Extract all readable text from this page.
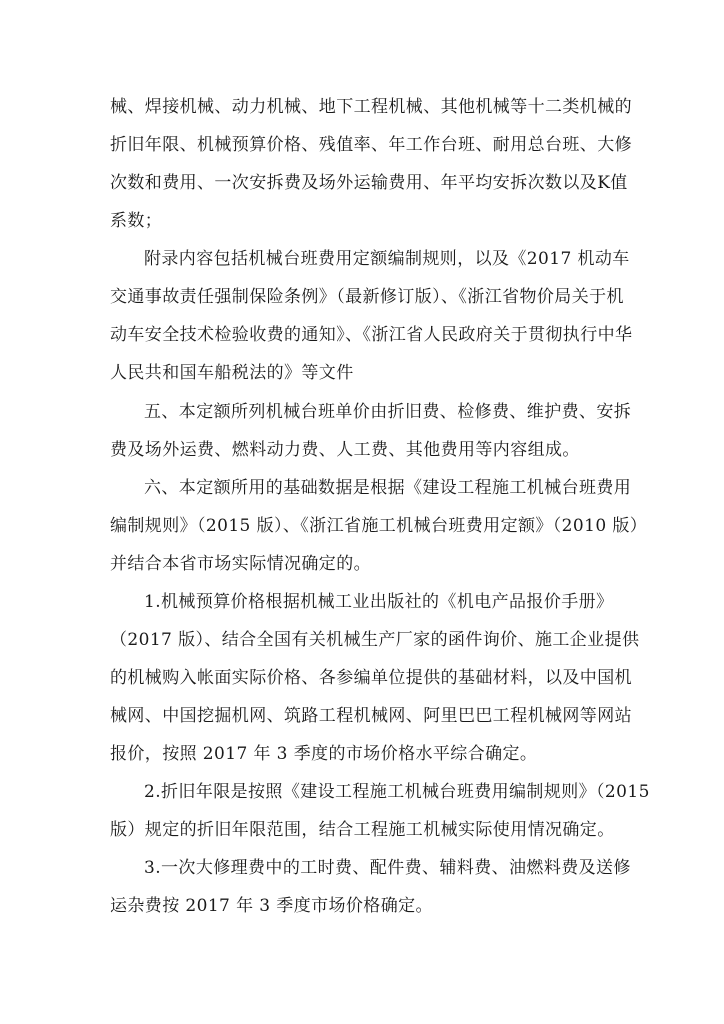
械、焊接机械、动力机械、地下工程机械、其他机械等十二类机械的

折旧年限、机械预算价格、残值率、年工作台班、耐用总台班、大修

次数和费用、一次安拆费及场外运输费用、年平均安拆次数以及K值

系数；

附录内容包括机械台班费用定额编制规则，以及《2017 机动车

交通事故责任强制保险条例》（最新修订版）、《浙江省物价局关于机

动车安全技术检验收费的通知》、《浙江省人民政府关于贯彻执行中华

人民共和国车船税法的》等文件

五、本定额所列机械台班单价由折旧费、检修费、维护费、安拆

费及场外运费、燃料动力费、人工费、其他费用等内容组成。

六、本定额所用的基础数据是根据《建设工程施工机械台班费用

编制规则》（2015 版）、《浙江省施工机械台班费用定额》（2010 版）

并结合本省市场实际情况确定的。

1.机械预算价格根据机械工业出版社的《机电产品报价手册》

（2017 版）、结合全国有关机械生产厂家的函件询价、施工企业提供

的机械购入帐面实际价格、各参编单位提供的基础材料，以及中国机

械网、中国挖掘机网、筑路工程机械网、阿里巴巴工程机械网等网站

报价，按照 2017 年 3 季度的市场价格水平综合确定。

2.折旧年限是按照《建设工程施工机械台班费用编制规则》（2015

版）规定的折旧年限范围，结合工程施工机械实际使用情况确定。

3.一次大修理费中的工时费、配件费、辅料费、油燃料费及送修

运杂费按 2017 年 3 季度市场价格确定。
